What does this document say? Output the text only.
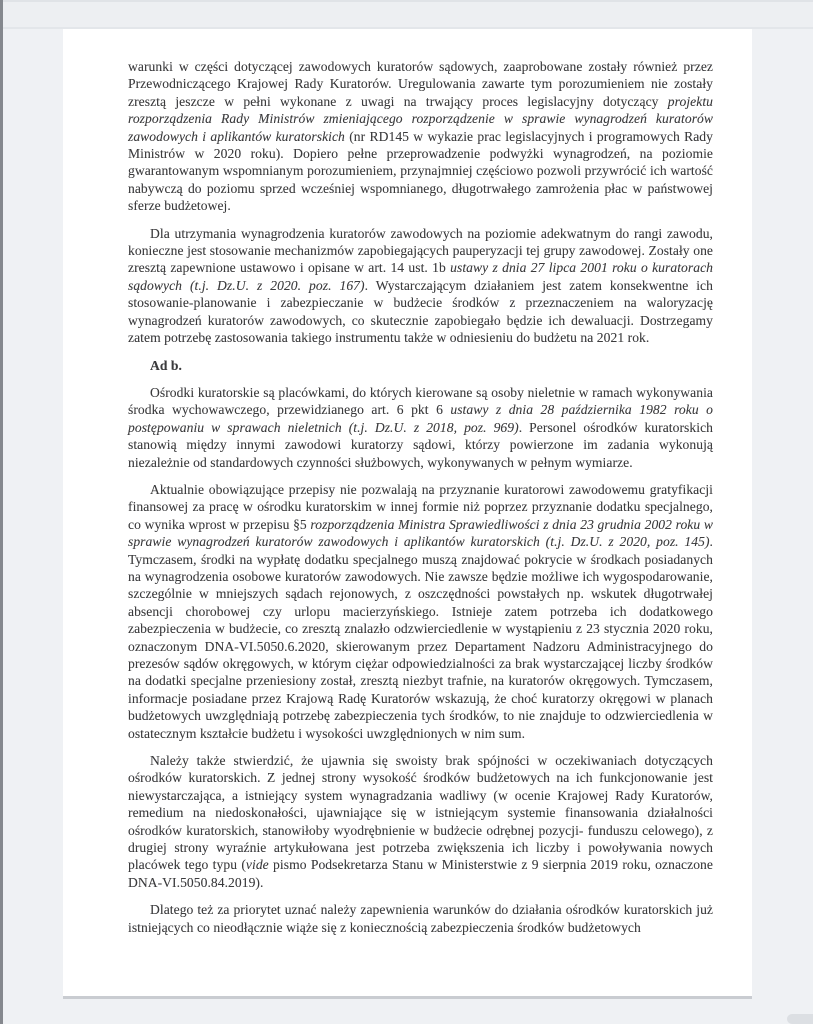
warunki w części dotyczącej zawodowych kuratorów sądowych, zaaprobowane zostały również przez Przewodniczącego Krajowej Rady Kuratorów. Uregulowania zawarte tym porozumieniem nie zostały zresztą jeszcze w pełni wykonane z uwagi na trwający proces legislacyjny dotyczący projektu rozporządzenia Rady Ministrów zmieniającego rozporządzenie w sprawie wynagrodzeń kuratorów zawodowych i aplikantów kuratorskich (nr RD145 w wykazie prac legislacyjnych i programowych Rady Ministrów w 2020 roku). Dopiero pełne przeprowadzenie podwyżki wynagrodzeń, na poziomie gwarantowanym wspomnianym porozumieniem, przynajmniej częściowo pozwoli przywrócić ich wartość nabywczą do poziomu sprzed wcześniej wspomnianego, długotrwałego zamrożenia płac w państwowej sferze budżetowej.

Dla utrzymania wynagrodzenia kuratorów zawodowych na poziomie adekwatnym do rangi zawodu, konieczne jest stosowanie mechanizmów zapobiegających pauperyzacji tej grupy zawodowej. Zostały one zresztą zapewnione ustawowo i opisane w art. 14 ust. 1b ustawy z dnia 27 lipca 2001 roku o kuratorach sądowych (t.j. Dz.U. z 2020. poz. 167). Wystarczającym działaniem jest zatem konsekwentne ich stosowanie-planowanie i zabezpieczanie w budżecie środków z przeznaczeniem na waloryzację wynagrodzeń kuratorów zawodowych, co skutecznie zapobiegało będzie ich dewaluacji. Dostrzegamy zatem potrzebę zastosowania takiego instrumentu także w odniesieniu do budżetu na 2021 rok.

Ad b.

Ośrodki kuratorskie są placówkami, do których kierowane są osoby nieletnie w ramach wykonywania środka wychowawczego, przewidzianego art. 6 pkt 6 ustawy z dnia 28 października 1982 roku o postępowaniu w sprawach nieletnich (t.j. Dz.U. z 2018, poz. 969). Personel ośrodków kuratorskich stanowią między innymi zawodowi kuratorzy sądowi, którzy powierzone im zadania wykonują niezależnie od standardowych czynności służbowych, wykonywanych w pełnym wymiarze.

Aktualnie obowiązujące przepisy nie pozwalają na przyznanie kuratorowi zawodowemu gratyfikacji finansowej za pracę w ośrodku kuratorskim w innej formie niż poprzez przyznanie dodatku specjalnego, co wynika wprost w przepisu §5 rozporządzenia Ministra Sprawiedliwości z dnia 23 grudnia 2002 roku w sprawie wynagrodzeń kuratorów zawodowych i aplikantów kuratorskich (t.j. Dz.U. z 2020, poz. 145). Tymczasem, środki na wypłatę dodatku specjalnego muszą znajdować pokrycie w środkach posiadanych na wynagrodzenia osobowe kuratorów zawodowych. Nie zawsze będzie możliwe ich wygospodarowanie, szczególnie w mniejszych sądach rejonowych, z oszczędności powstałych np. wskutek długotrwałej absencji chorobowej czy urlopu macierzyńskiego. Istnieje zatem potrzeba ich dodatkowego zabezpieczenia w budżecie, co zresztą znalazło odzwierciedlenie w wystąpieniu z 23 stycznia 2020 roku, oznaczonym DNA-VI.5050.6.2020, skierowanym przez Departament Nadzoru Administracyjnego do prezesów sądów okręgowych, w którym ciężar odpowiedzialności za brak wystarczającej liczby środków na dodatki specjalne przeniesiony został, zresztą niezbyt trafnie, na kuratorów okręgowych. Tymczasem, informacje posiadane przez Krajową Radę Kuratorów wskazują, że choć kuratorzy okręgowi w planach budżetowych uwzględniają potrzebę zabezpieczenia tych środków, to nie znajduje to odzwierciedlenia w ostatecznym kształcie budżetu i wysokości uwzględnionych w nim sum.

Należy także stwierdzić, że ujawnia się swoisty brak spójności w oczekiwaniach dotyczących ośrodków kuratorskich. Z jednej strony wysokość środków budżetowych na ich funkcjonowanie jest niewystarczająca, a istniejący system wynagradzania wadliwy (w ocenie Krajowej Rady Kuratorów, remedium na niedoskonałości, ujawniające się w istniejącym systemie finansowania działalności ośrodków kuratorskich, stanowiłoby wyodrębnienie w budżecie odrębnej pozycji- funduszu celowego), z drugiej strony wyraźnie artykułowana jest potrzeba zwiększenia ich liczby i powoływania nowych placówek tego typu (vide pismo Podsekretarza Stanu w Ministerstwie z 9 sierpnia 2019 roku, oznaczone DNA-VI.5050.84.2019).

Dlatego też za priorytet uznać należy zapewnienia warunków do działania ośrodków kuratorskich już istniejących co nieodłącznie wiąże się z koniecznością zabezpieczenia środków budżetowych
